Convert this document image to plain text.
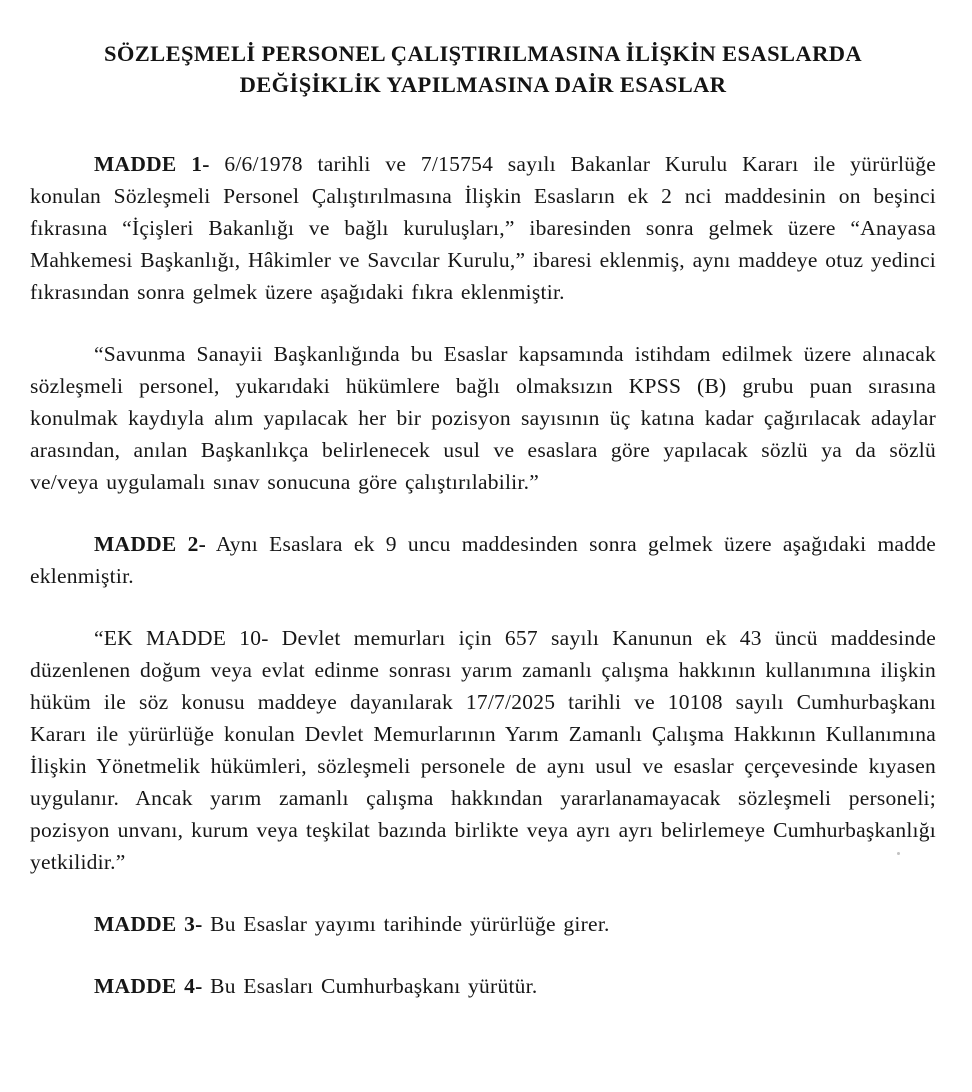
SÖZLEŞMELİ PERSONEL ÇALIŞTIRILMASINA İLİŞKİN ESASLARDA
DEĞİŞİKLİK YAPILMASINA DAİR ESASLAR

MADDE 1- 6/6/1978 tarihli ve 7/15754 sayılı Bakanlar Kurulu Kararı ile yürürlüğe konulan Sözleşmeli Personel Çalıştırılmasına İlişkin Esasların ek 2 nci maddesinin on beşinci fıkrasına “İçişleri Bakanlığı ve bağlı kuruluşları,” ibaresinden sonra gelmek üzere “Anayasa Mahkemesi Başkanlığı, Hâkimler ve Savcılar Kurulu,” ibaresi eklenmiş, aynı maddeye otuz yedinci fıkrasından sonra gelmek üzere aşağıdaki fıkra eklenmiştir.

“Savunma Sanayii Başkanlığında bu Esaslar kapsamında istihdam edilmek üzere alınacak sözleşmeli personel, yukarıdaki hükümlere bağlı olmaksızın KPSS (B) grubu puan sırasına konulmak kaydıyla alım yapılacak her bir pozisyon sayısının üç katına kadar çağırılacak adaylar arasından, anılan Başkanlıkça belirlenecek usul ve esaslara göre yapılacak sözlü ya da sözlü ve/veya uygulamalı sınav sonucuna göre çalıştırılabilir.”

MADDE 2- Aynı Esaslara ek 9 uncu maddesinden sonra gelmek üzere aşağıdaki madde eklenmiştir.

“EK MADDE 10- Devlet memurları için 657 sayılı Kanunun ek 43 üncü maddesinde düzenlenen doğum veya evlat edinme sonrası yarım zamanlı çalışma hakkının kullanımına ilişkin hüküm ile söz konusu maddeye dayanılarak 17/7/2025 tarihli ve 10108 sayılı Cumhurbaşkanı Kararı ile yürürlüğe konulan Devlet Memurlarının Yarım Zamanlı Çalışma Hakkının Kullanımına İlişkin Yönetmelik hükümleri, sözleşmeli personele de aynı usul ve esaslar çerçevesinde kıyasen uygulanır. Ancak yarım zamanlı çalışma hakkından yararlanamayacak sözleşmeli personeli; pozisyon unvanı, kurum veya teşkilat bazında birlikte veya ayrı ayrı belirlemeye Cumhurbaşkanlığı yetkilidir.”

MADDE 3- Bu Esaslar yayımı tarihinde yürürlüğe girer.

MADDE 4- Bu Esasları Cumhurbaşkanı yürütür.
